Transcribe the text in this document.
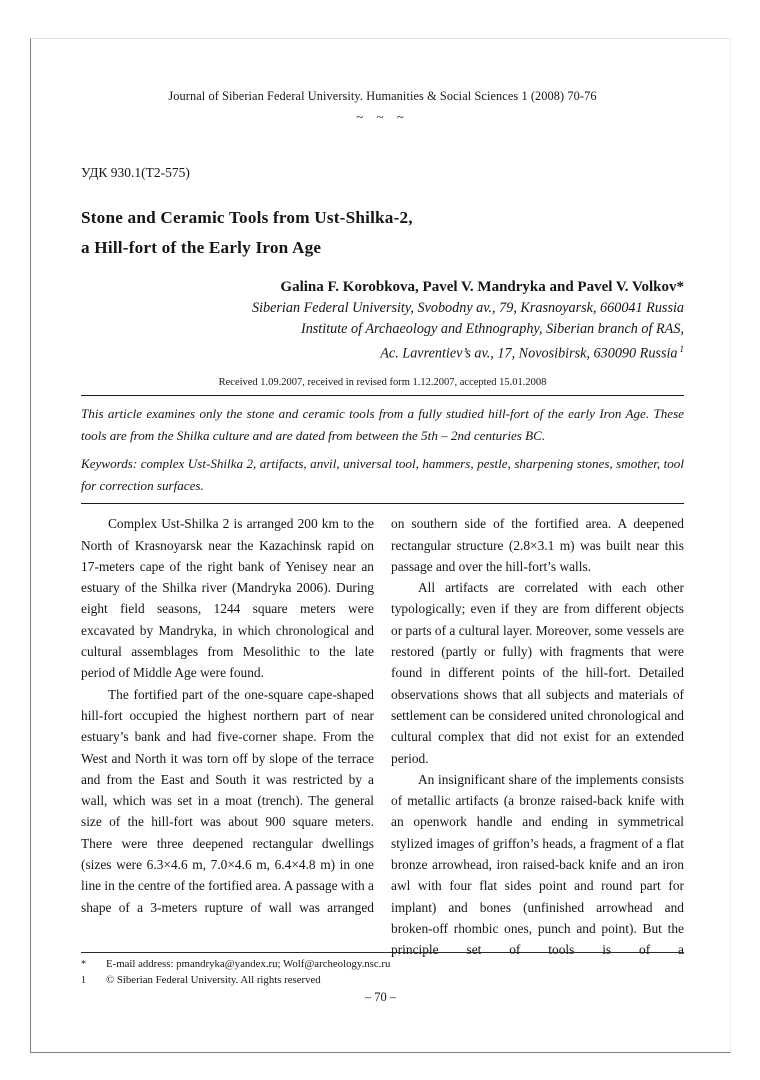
Journal of Siberian Federal University. Humanities & Social Sciences 1 (2008) 70-76
~ ~ ~
УДК 930.1(Т2-575)
Stone and Ceramic Tools from Ust-Shilka-2,
a Hill-fort of the Early Iron Age
Galina F. Korobkova, Pavel V. Mandryka and Pavel V. Volkov*
Siberian Federal University, Svobodny av., 79, Krasnoyarsk, 660041 Russia
Institute of Archaeology and Ethnography, Siberian branch of RAS,
Ac. Lavrentiev’s av., 17, Novosibirsk, 630090 Russia $^1$
Received 1.09.2007, received in revised form 1.12.2007, accepted 15.01.2008
This article examines only the stone and ceramic tools from a fully studied hill-fort of the early Iron Age. These tools are from the Shilka culture and are dated from between the 5th – 2nd centuries BC.
Keywords: complex Ust-Shilka 2, artifacts, anvil, universal tool, hammers, pestle, sharpening stones, smother, tool for correction surfaces.

Complex Ust-Shilka 2 is arranged 200 km to the North of Krasnoyarsk near the Kazachinsk rapid on 17-meters cape of the right bank of Yenisey near an estuary of the Shilka river (Mandryka 2006). During eight field seasons, 1244 square meters were excavated by Mandryka, in which chronological and cultural assemblages from Mesolithic to the late period of Middle Age were found.

The fortified part of the one-square cape-shaped hill-fort occupied the highest northern part of near estuary’s bank and had five-corner shape. From the West and North it was torn off by slope of the terrace and from the East and South it was restricted by a wall, which was set in a moat (trench). The general size of the hill-fort was about 900 square meters. There were three deepened rectangular dwellings (sizes were 6.3×4.6 m, 7.0×4.6 m, 6.4×4.8 m) in one line in the centre of the fortified area. A passage with a shape of a 3-meters rupture of wall was arranged

on southern side of the fortified area. A deepened rectangular structure (2.8×3.1 m) was built near this passage and over the hill-fort’s walls.

All artifacts are correlated with each other typologically; even if they are from different objects or parts of a cultural layer. Moreover, some vessels are restored (partly or fully) with fragments that were found in different points of the hill-fort. Detailed observations shows that all subjects and materials of settlement can be considered united chronological and cultural complex that did not exist for an extended period.

An insignificant share of the implements consists of metallic artifacts (a bronze raised-back knife with an openwork handle and ending in symmetrical stylized images of griffon’s heads, a fragment of a flat bronze arrowhead, iron raised-back knife and an iron awl with four flat sides point and round part for implant) and bones (unfinished arrowhead and broken-off rhombic ones, punch and point). But the principle set of tools is of a

*	E-mail address: pmandryka@yandex.ru; Wolf@archeology.nsc.ru
1	© Siberian Federal University. All rights reserved
– 70 –
